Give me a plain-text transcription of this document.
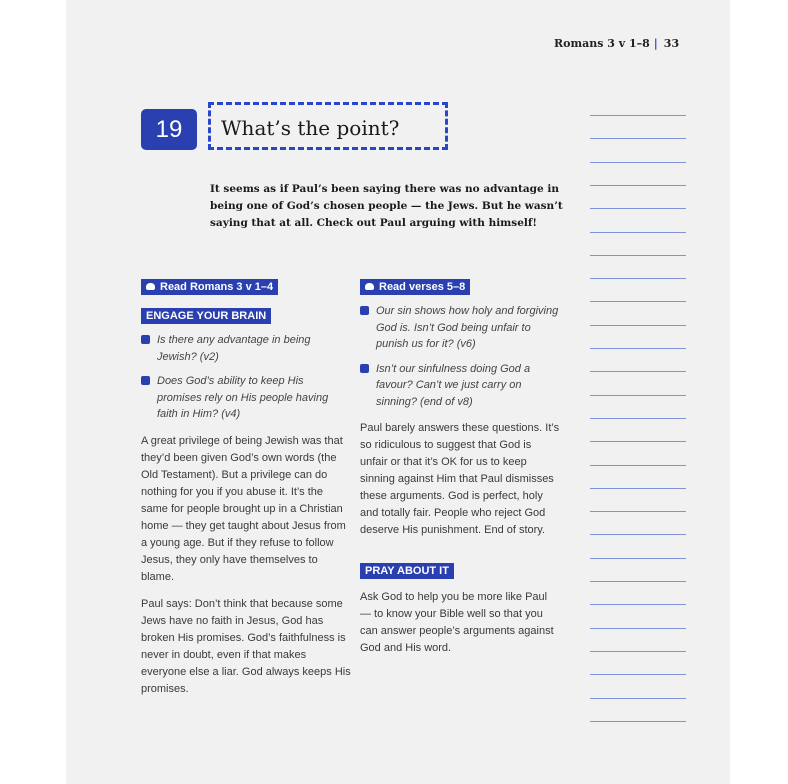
Romans 3 v 1–8 | 33
19	What’s the point?
It seems as if Paul’s been saying there was no advantage in being one of God’s chosen people — the Jews. But he wasn’t saying that at all. Check out Paul arguing with himself!
Read Romans 3 v 1–4
ENGAGE YOUR BRAIN
Is there any advantage in being Jewish? (v2)
Does God’s ability to keep His promises rely on His people having faith in Him? (v4)
A great privilege of being Jewish was that they’d been given God’s own words (the Old Testament). But a privilege can do nothing for you if you abuse it. It’s the same for people brought up in a Christian home — they get taught about Jesus from a young age. But if they refuse to follow Jesus, they only have themselves to blame.
Paul says: Don’t think that because some Jews have no faith in Jesus, God has broken His promises. God’s faithfulness is never in doubt, even if that makes everyone else a liar. God always keeps His promises.
Read verses 5–8
Our sin shows how holy and forgiving God is. Isn’t God being unfair to punish us for it? (v6)
Isn’t our sinfulness doing God a favour? Can’t we just carry on sinning? (end of v8)
Paul barely answers these questions. It’s so ridiculous to suggest that God is unfair or that it’s OK for us to keep sinning against Him that Paul dismisses these arguments. God is perfect, holy and totally fair. People who reject God deserve His punishment. End of story.
PRAY ABOUT IT
Ask God to help you be more like Paul — to know your Bible well so that you can answer people’s arguments against God and His word.
